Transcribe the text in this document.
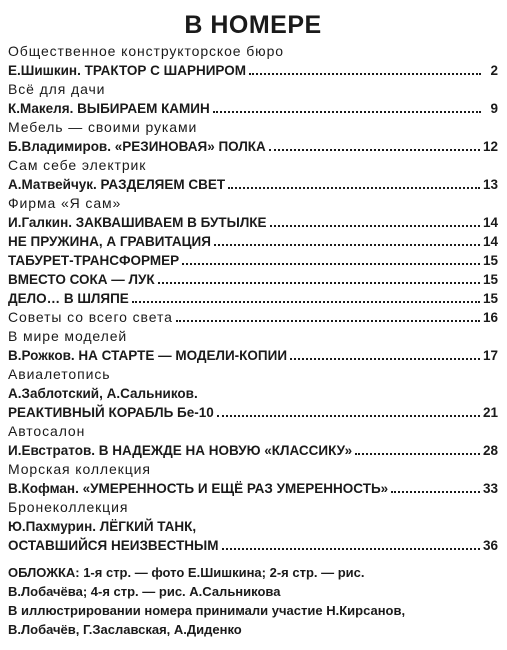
В НОМЕРЕ
Общественное конструкторское бюро
Е.Шишкин. ТРАКТОР С ШАРНИРОМ	2
Всё для дачи
К.Макеля. ВЫБИРАЕМ КАМИН	9
Мебель — своими руками
Б.Владимиров. «РЕЗИНОВАЯ» ПОЛКА	12
Сам себе электрик
А.Матвейчук. РАЗДЕЛЯЕМ СВЕТ	13
Фирма «Я сам»
И.Галкин. ЗАКВАШИВАЕМ В БУТЫЛКЕ	14
НЕ ПРУЖИНА, А ГРАВИТАЦИЯ	14
ТАБУРЕТ-ТРАНСФОРМЕР	15
ВМЕСТО СОКА — ЛУК	15
ДЕЛО… В ШЛЯПЕ	15
Советы со всего света	16
В мире моделей
В.Рожков. НА СТАРТЕ — МОДЕЛИ-КОПИИ	17
Авиалетопись
А.Заблотский, А.Сальников.
РЕАКТИВНЫЙ КОРАБЛЬ Бе-10	21
Автосалон
И.Евстратов. В НАДЕЖДЕ НА НОВУЮ «КЛАССИКУ»	28
Морская коллекция
В.Кофман. «УМЕРЕННОСТЬ И ЕЩЁ РАЗ УМЕРЕННОСТЬ»	33
Бронеколлекция
Ю.Пахмурин. ЛЁГКИЙ ТАНК,
ОСТАВШИЙСЯ НЕИЗВЕСТНЫМ	36
ОБЛОЖКА: 1-я стр. — фото Е.Шишкина; 2-я стр. — рис.
В.Лобачёва; 4-я стр. — рис. А.Сальникова
В иллюстрировании номера принимали участие Н.Кирсанов,
В.Лобачёв, Г.Заславская, А.Диденко
